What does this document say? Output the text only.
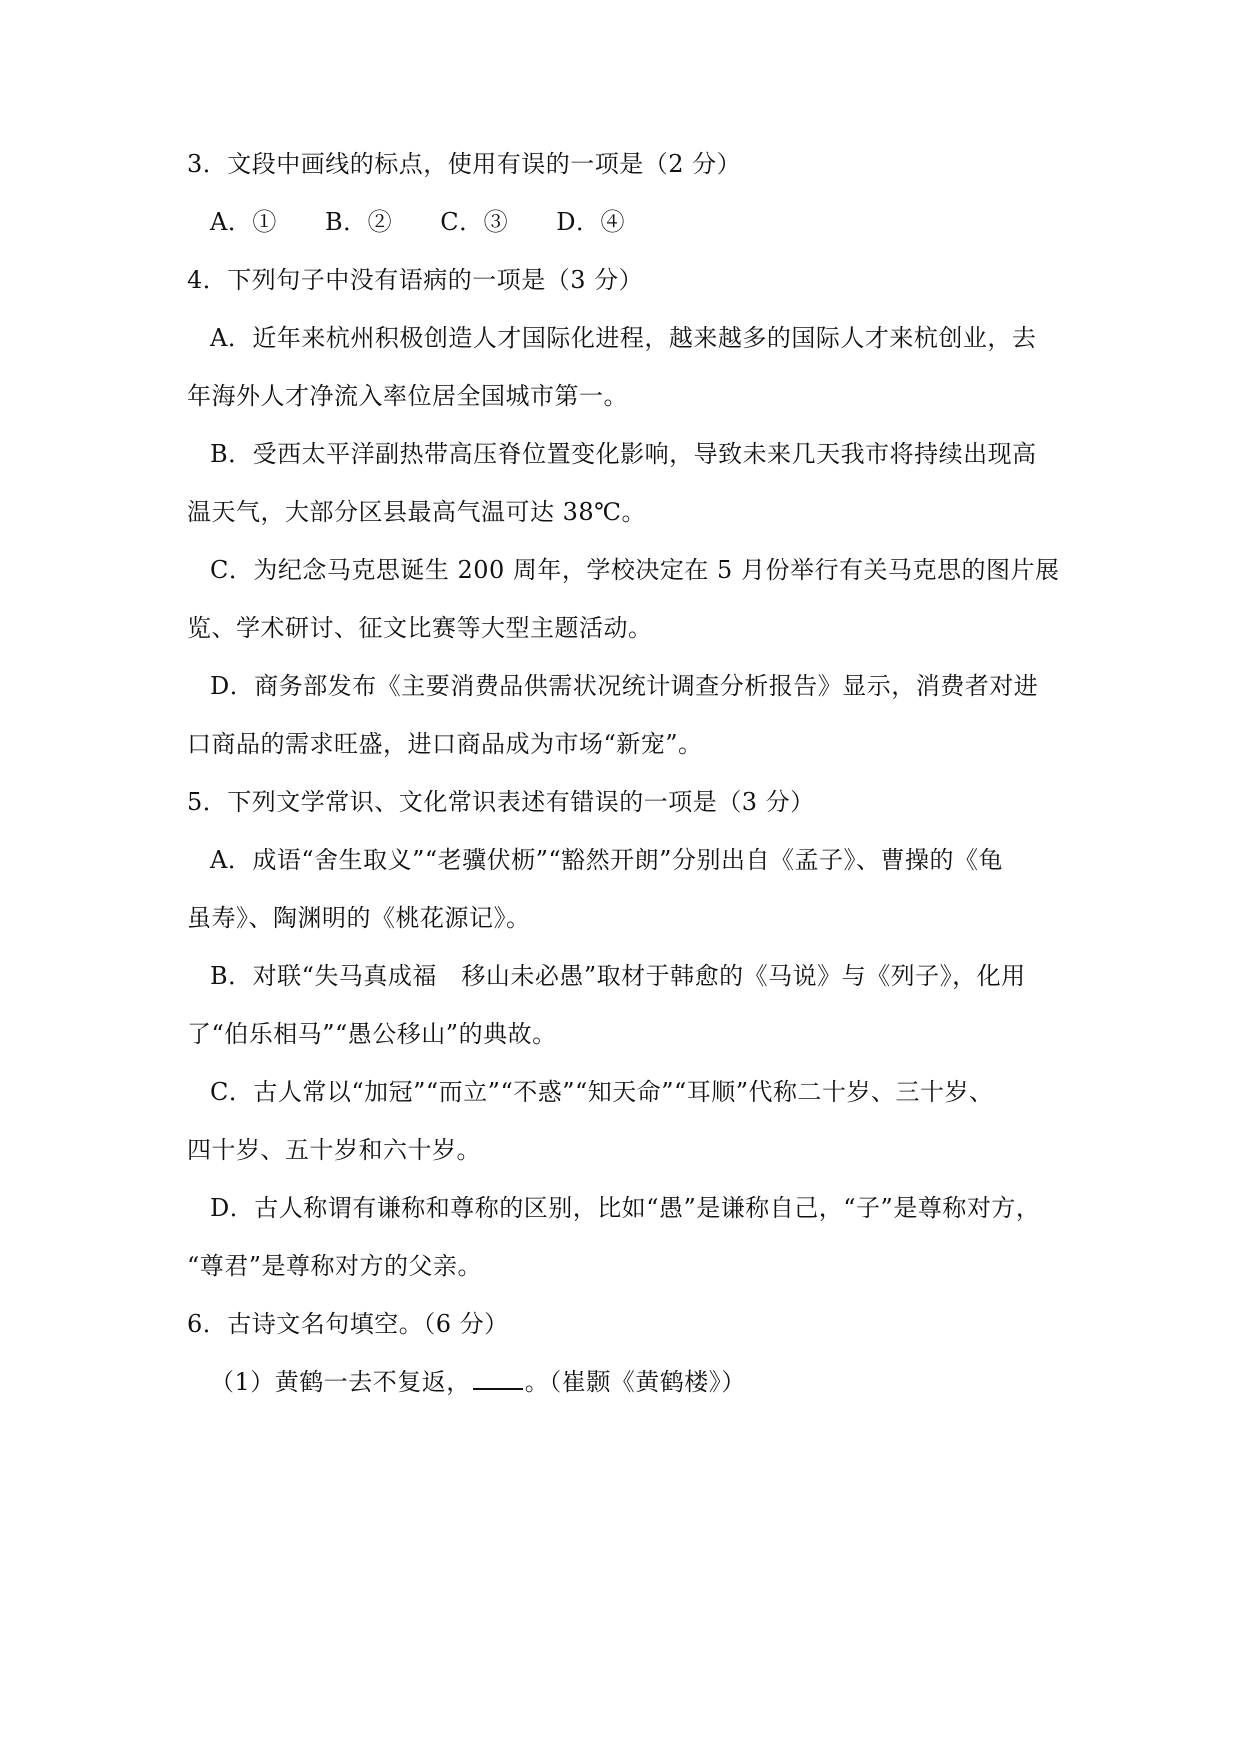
3．文段中画线的标点，使用有误的一项是（2 分）
A．① B．② C．③ D．④
4．下列句子中没有语病的一项是（3 分）
A．近年来杭州积极创造人才国际化进程，越来越多的国际人才来杭创业，去
年海外人才净流入率位居全国城市第一。
B．受西太平洋副热带高压脊位置变化影响，导致未来几天我市将持续出现高
温天气，大部分区县最高气温可达 38℃。
C．为纪念马克思诞生 200 周年，学校决定在 5 月份举行有关马克思的图片展
览、学术研讨、征文比赛等大型主题活动。
D．商务部发布《主要消费品供需状况统计调查分析报告》显示，消费者对进
口商品的需求旺盛，进口商品成为市场“新宠”。
5．下列文学常识、文化常识表述有错误的一项是（3 分）
A．成语“舍生取义”“老骥伏枥”“豁然开朗”分别出自《孟子》、曹操的《龟
虽寿》、陶渊明的《桃花源记》。
B．对联“失马真成福　移山未必愚”取材于韩愈的《马说》与《列子》，化用
了“伯乐相马”“愚公移山”的典故。
C．古人常以“加冠”“而立”“不惑”“知天命”“耳顺”代称二十岁、三十岁、
四十岁、五十岁和六十岁。
D．古人称谓有谦称和尊称的区别，比如“愚”是谦称自己，“子”是尊称对方，
“尊君”是尊称对方的父亲。
6．古诗文名句填空。（6 分）
（1）黄鹤一去不复返， 。（崔颢《黄鹤楼》）
